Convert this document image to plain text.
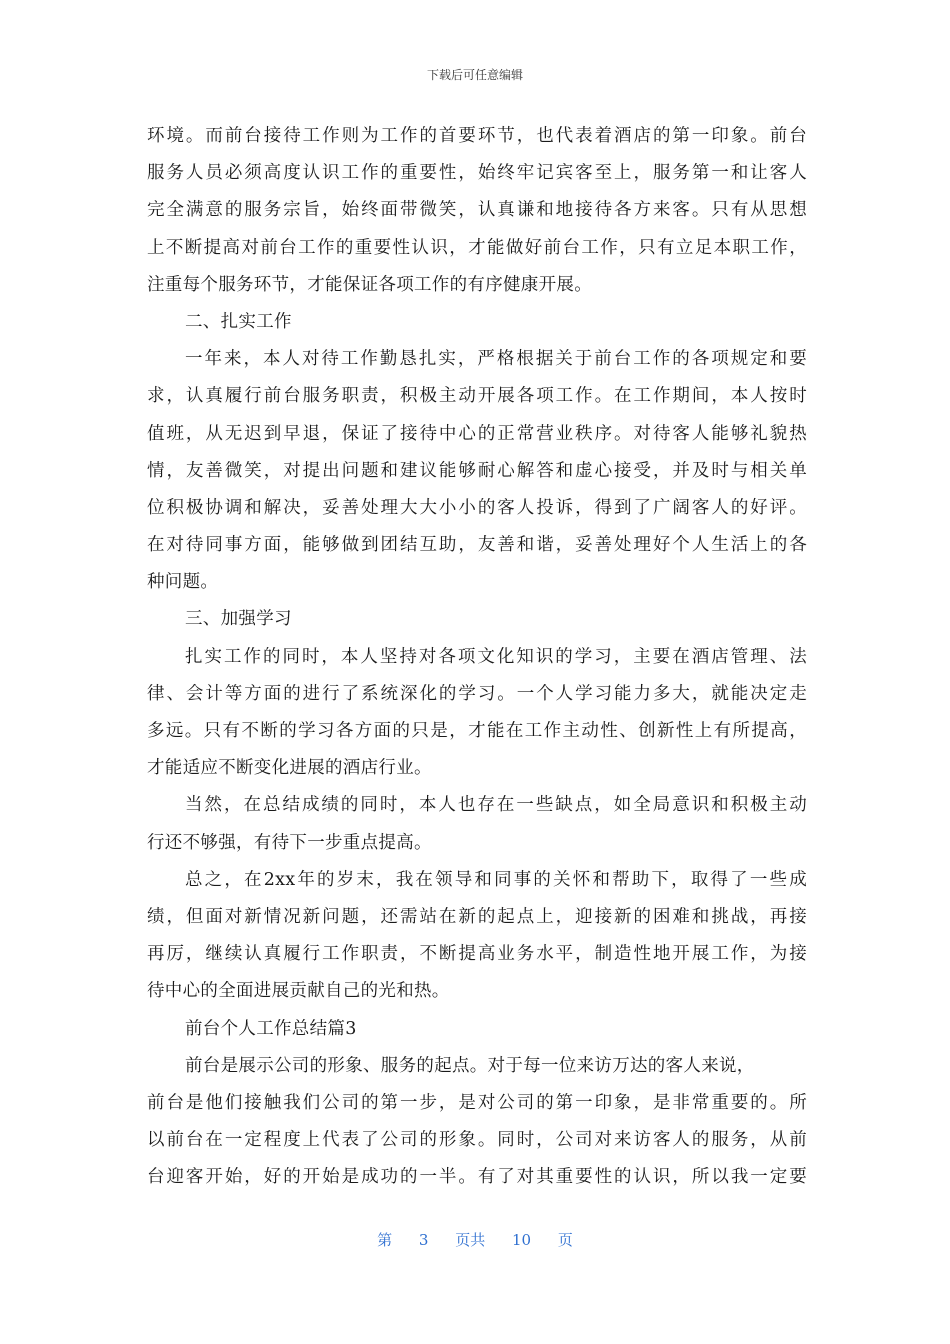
下载后可任意编辑
环境。而前台接待工作则为工作的首要环节，也代表着酒店的第一印象。前台
服务人员必须高度认识工作的重要性，始终牢记宾客至上，服务第一和让客人
完全满意的服务宗旨，始终面带微笑，认真谦和地接待各方来客。只有从思想
上不断提高对前台工作的重要性认识，才能做好前台工作，只有立足本职工作，
注重每个服务环节，才能保证各项工作的有序健康开展。
二、扎实工作
一年来，本人对待工作勤恳扎实，严格根据关于前台工作的各项规定和要
求，认真履行前台服务职责，积极主动开展各项工作。在工作期间，本人按时
值班，从无迟到早退，保证了接待中心的正常营业秩序。对待客人能够礼貌热
情，友善微笑，对提出问题和建议能够耐心解答和虚心接受，并及时与相关单
位积极协调和解决，妥善处理大大小小的客人投诉，得到了广阔客人的好评。
在对待同事方面，能够做到团结互助，友善和谐，妥善处理好个人生活上的各
种问题。
三、加强学习
扎实工作的同时，本人坚持对各项文化知识的学习，主要在酒店管理、法
律、会计等方面的进行了系统深化的学习。一个人学习能力多大，就能决定走
多远。只有不断的学习各方面的只是，才能在工作主动性、创新性上有所提高，
才能适应不断变化进展的酒店行业。
当然，在总结成绩的同时，本人也存在一些缺点，如全局意识和积极主动
行还不够强，有待下一步重点提高。
总之，在2xx年的岁末，我在领导和同事的关怀和帮助下，取得了一些成
绩，但面对新情况新问题，还需站在新的起点上，迎接新的困难和挑战，再接
再厉，继续认真履行工作职责，不断提高业务水平，制造性地开展工作，为接
待中心的全面进展贡献自己的光和热。
前台个人工作总结篇3
前台是展示公司的形象、服务的起点。对于每一位来访万达的客人来说，
前台是他们接触我们公司的第一步，是对公司的第一印象，是非常重要的。所
以前台在一定程度上代表了公司的形象。同时，公司对来访客人的服务，从前
台迎客开始，好的开始是成功的一半。有了对其重要性的认识，所以我一定要
第 3 页共 10 页
